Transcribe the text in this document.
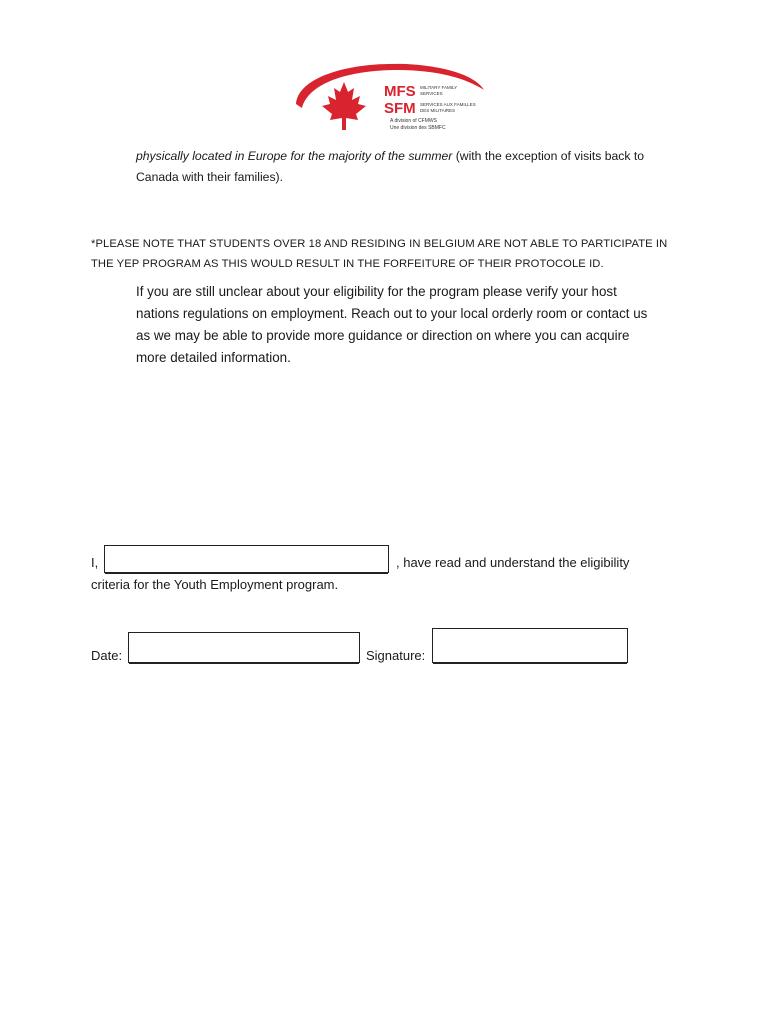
MFS
SFM
MILITARY FAMILY
SERVICES
SERVICES AUX FAMILLES
DES MILITAIRES
A division of CFMWS
Une division des SBMFC
physically located in Europe for the majority of the summer (with the exception of visits back to
Canada with their families).
*PLEASE NOTE THAT STUDENTS OVER 18 AND RESIDING IN BELGIUM ARE NOT ABLE TO PARTICIPATE IN
THE YEP PROGRAM AS THIS WOULD RESULT IN THE FORFEITURE OF THEIR PROTOCOLE ID.
If you are still unclear about your eligibility for the program please verify your host
nations regulations on employment. Reach out to your local orderly room or contact us
as we may be able to provide more guidance or direction on where you can acquire
more detailed information.
I,	, have read and understand the eligibility
criteria for the Youth Employment program.
Date:	Signature:
